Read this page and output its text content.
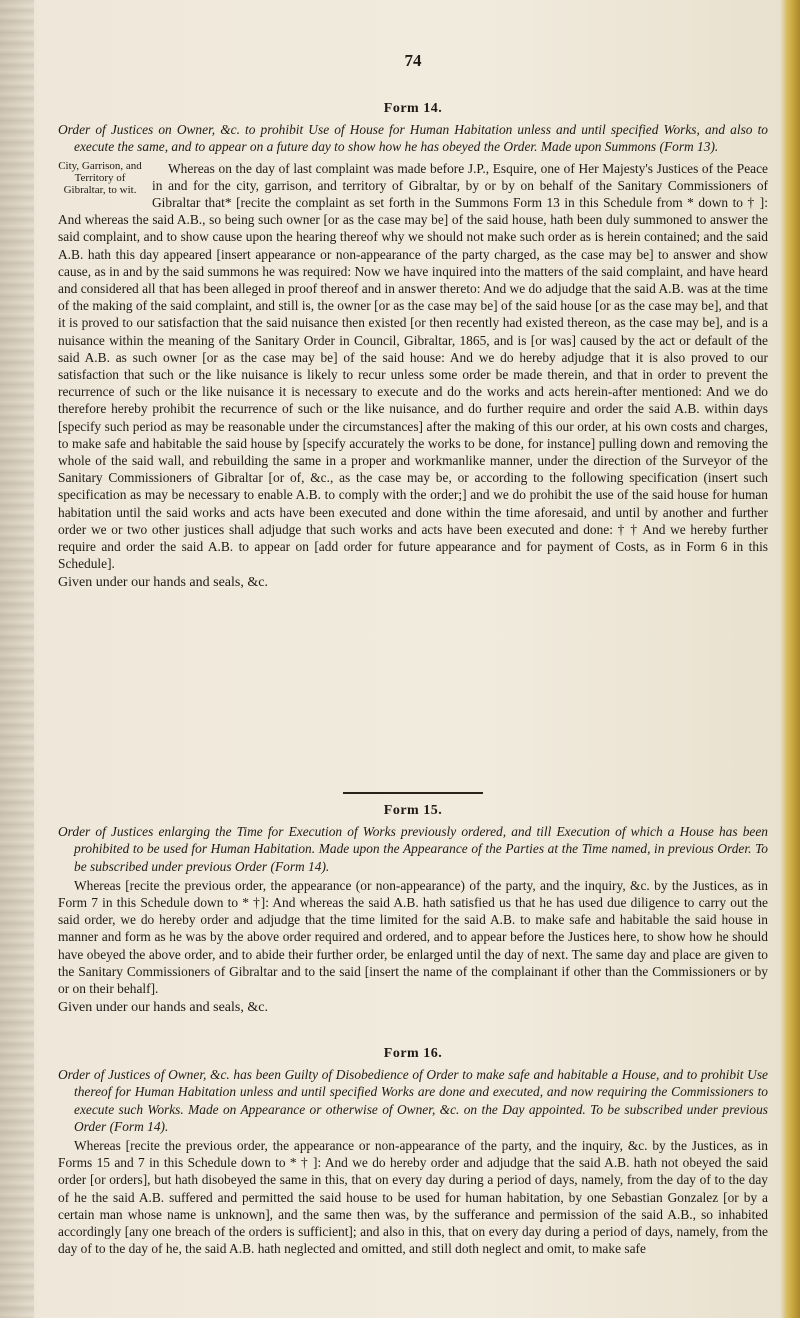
74

Form 14.

Order of Justices on Owner, &c. to prohibit Use of House for Human Habitation unless and until specified Works, and also to execute the same, and to appear on a future day to show how he has obeyed the Order. Made upon Summons (Form 13).

City, Garrison, and Territory of Gibraltar, to wit.

Whereas on the day of last complaint was made before J.P., Esquire, one of Her Majesty's Justices of the Peace in and for the city, garrison, and territory of Gibraltar, by or by on behalf of the Sanitary Commissioners of Gibraltar that* [recite the complaint as set forth in the Summons Form 13 in this Schedule from * down to † ]: And whereas the said A.B., so being such owner [or as the case may be] of the said house, hath been duly summoned to answer the said complaint, and to show cause upon the hearing thereof why we should not make such order as is herein contained; and the said A.B. hath this day appeared [insert appearance or non-appearance of the party charged, as the case may be] to answer and show cause, as in and by the said summons he was required: Now we have inquired into the matters of the said complaint, and have heard and considered all that has been alleged in proof thereof and in answer thereto: And we do adjudge that the said A.B. was at the time of the making of the said complaint, and still is, the owner [or as the case may be] of the said house [or as the case may be], and that it is proved to our satisfaction that the said nuisance then existed [or then recently had existed thereon, as the case may be], and is a nuisance within the meaning of the Sanitary Order in Council, Gibraltar, 1865, and is [or was] caused by the act or default of the said A.B. as such owner [or as the case may be] of the said house: And we do hereby adjudge that it is also proved to our satisfaction that such or the like nuisance is likely to recur unless some order be made therein, and that in order to prevent the recurrence of such or the like nuisance it is necessary to execute and do the works and acts herein-after mentioned: And we do therefore hereby prohibit the recurrence of such or the like nuisance, and do further require and order the said A.B. within days [specify such period as may be reasonable under the circumstances] after the making of this our order, at his own costs and charges, to make safe and habitable the said house by [specify accurately the works to be done, for instance] pulling down and removing the whole of the said wall, and rebuilding the same in a proper and workmanlike manner, under the direction of the Surveyor of the Sanitary Commissioners of Gibraltar [or of, &c., as the case may be, or according to the following specification (insert such specification as may be necessary to enable A.B. to comply with the order;] and we do prohibit the use of the said house for human habitation until the said works and acts have been executed and done within the time aforesaid, and until by another and further order we or two other justices shall adjudge that such works and acts have been executed and done: † † And we hereby further require and order the said A.B. to appear on [add order for future appearance and for payment of Costs, as in Form 6 in this Schedule].

Given under our hands and seals, &c.

Form 15.

Order of Justices enlarging the Time for Execution of Works previously ordered, and till Execution of which a House has been prohibited to be used for Human Habitation. Made upon the Appearance of the Parties at the Time named, in previous Order. To be subscribed under previous Order (Form 14).

Whereas [recite the previous order, the appearance (or non-appearance) of the party, and the inquiry, &c. by the Justices, as in Form 7 in this Schedule down to * †]: And whereas the said A.B. hath satisfied us that he has used due diligence to carry out the said order, we do hereby order and adjudge that the time limited for the said A.B. to make safe and habitable the said house in manner and form as he was by the above order required and ordered, and to appear before the Justices here, to show how he should have obeyed the above order, and to abide their further order, be enlarged until the day of next. The same day and place are given to the Sanitary Commissioners of Gibraltar and to the said [insert the name of the complainant if other than the Commissioners or by or on their behalf].

Given under our hands and seals, &c.

Form 16.

Order of Justices of Owner, &c. has been Guilty of Disobedience of Order to make safe and habitable a House, and to prohibit Use thereof for Human Habitation unless and until specified Works are done and executed, and now requiring the Commissioners to execute such Works. Made on Appearance or otherwise of Owner, &c. on the Day appointed. To be subscribed under previous Order (Form 14).

Whereas [recite the previous order, the appearance or non-appearance of the party, and the inquiry, &c. by the Justices, as in Forms 15 and 7 in this Schedule down to * † ]: And we do hereby order and adjudge that the said A.B. hath not obeyed the said order [or orders], but hath disobeyed the same in this, that on every day during a period of days, namely, from the day of to the day of he the said A.B. suffered and permitted the said house to be used for human habitation, by one Sebastian Gonzalez [or by a certain man whose name is unknown], and the same then was, by the sufferance and permission of the said A.B., so inhabited accordingly [any one breach of the orders is sufficient]; and also in this, that on every day during a period of days, namely, from the day of to the day of he, the said A.B. hath neglected and omitted, and still doth neglect and omit, to make safe
